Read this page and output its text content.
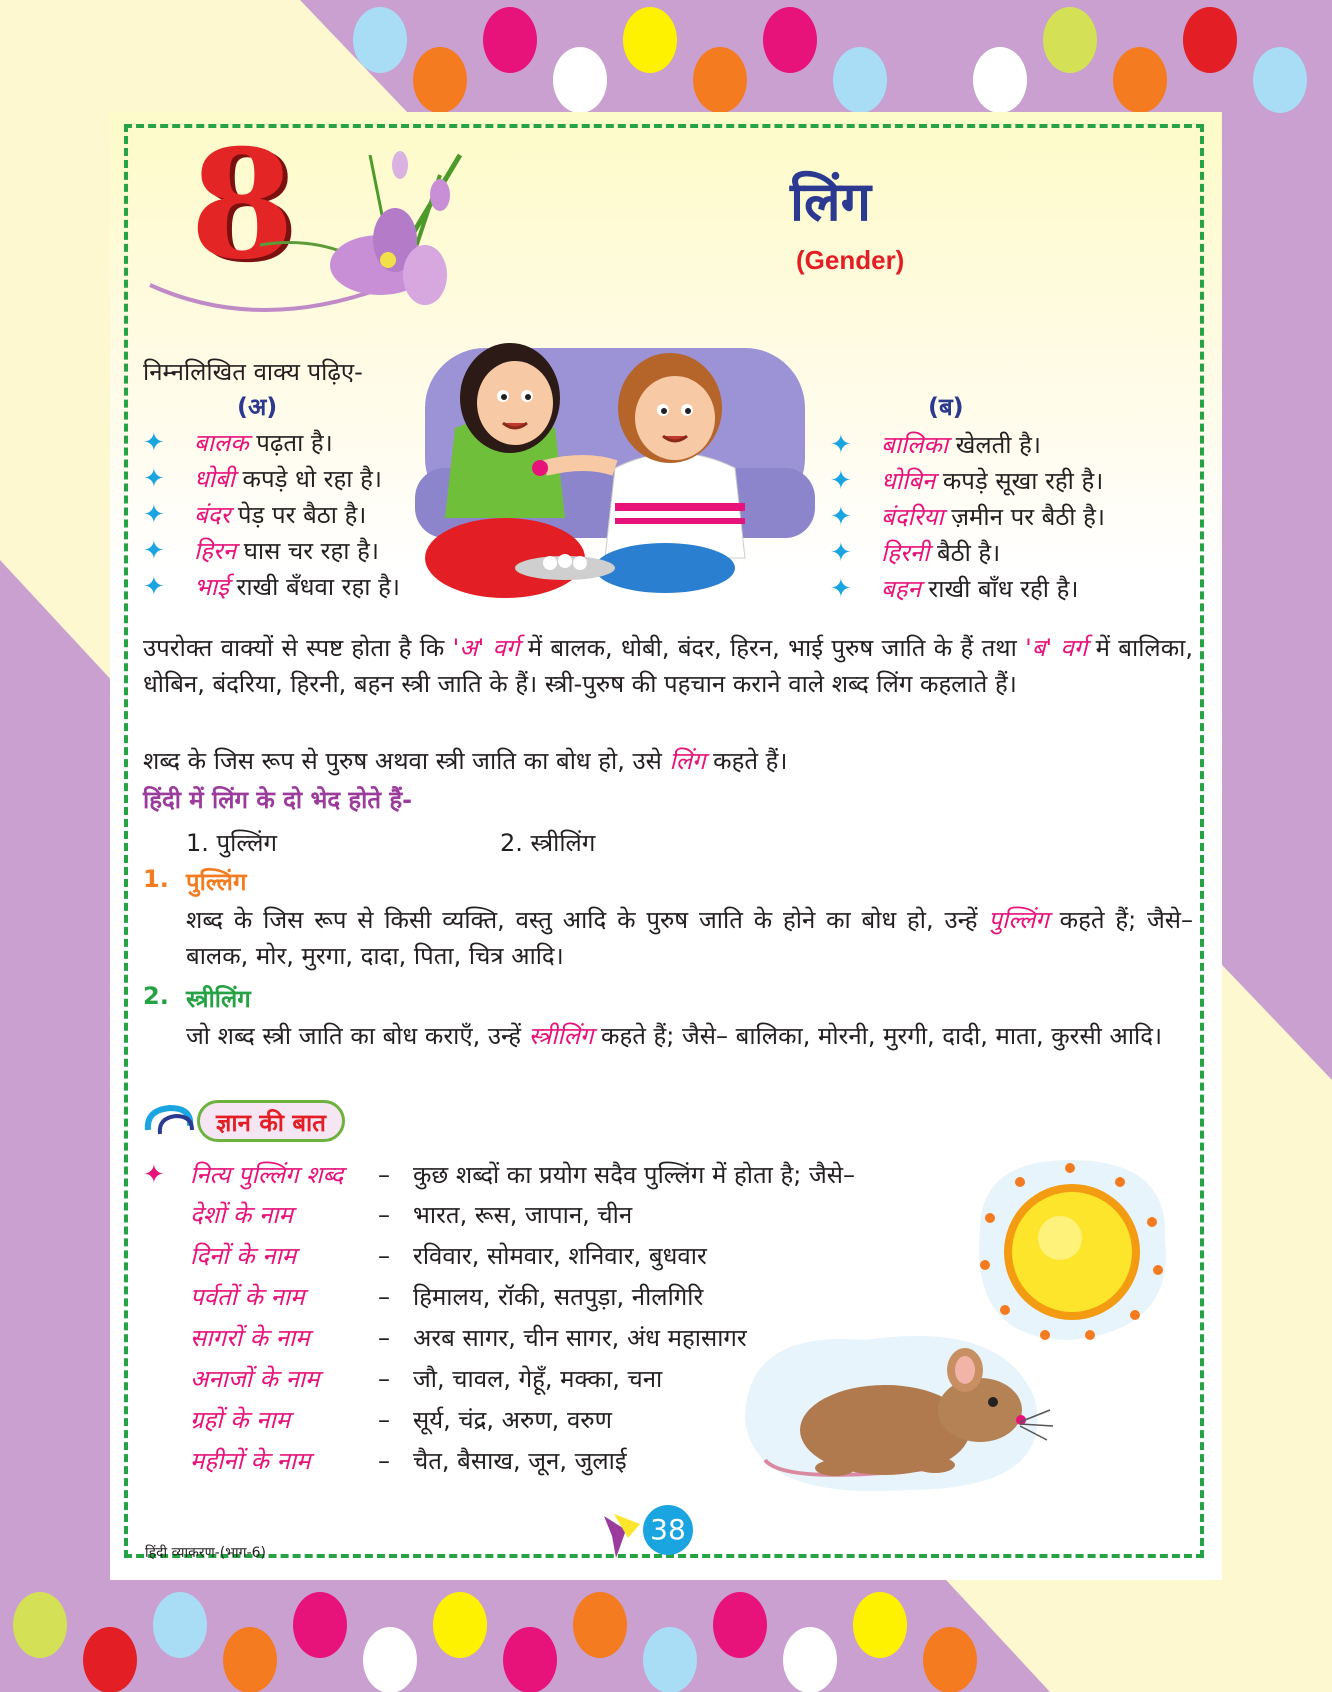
8	लिंग
(Gender)
निम्नलिखित वाक्य पढ़िए-
(अ)	(ब)
✦ बालक पढ़ता है।
✦ धोबी कपड़े धो रहा है।
✦ बंदर पेड़ पर बैठा है।
✦ हिरन घास चर रहा है।
✦ भाई राखी बँधवा रहा है।
✦ बालिका खेलती है।
✦ धोबिन कपड़े सूखा रही है।
✦ बंदरिया ज़मीन पर बैठी है।
✦ हिरनी बैठी है।
✦ बहन राखी बाँध रही है।
उपरोक्त वाक्यों से स्पष्ट होता है कि 'अ' वर्ग में बालक, धोबी, बंदर, हिरन, भाई पुरुष जाति के हैं तथा 'ब' वर्ग में बालिका, धोबिन, बंदरिया, हिरनी, बहन स्त्री जाति के हैं। स्त्री-पुरुष की पहचान कराने वाले शब्द लिंग कहलाते हैं।
शब्द के जिस रूप से पुरुष अथवा स्त्री जाति का बोध हो, उसे लिंग कहते हैं।
हिंदी में लिंग के दो भेद होते हैं-
1. पुल्लिंग	2. स्त्रीलिंग
1. पुल्लिंग
शब्द के जिस रूप से किसी व्यक्ति, वस्तु आदि के पुरुष जाति के होने का बोध हो, उन्हें पुल्लिंग कहते हैं; जैसे– बालक, मोर, मुरगा, दादा, पिता, चित्र आदि।
2. स्त्रीलिंग
जो शब्द स्त्री जाति का बोध कराएँ, उन्हें स्त्रीलिंग कहते हैं; जैसे– बालिका, मोरनी, मुरगी, दादी, माता, कुरसी आदि।
ज्ञान की बात
✦ नित्य पुल्लिंग शब्द – कुछ शब्दों का प्रयोग सदैव पुल्लिंग में होता है; जैसे–
देशों के नाम	– भारत, रूस, जापान, चीन
दिनों के नाम	– रविवार, सोमवार, शनिवार, बुधवार
पर्वतों के नाम	– हिमालय, रॉकी, सतपुड़ा, नीलगिरि
सागरों के नाम	– अरब सागर, चीन सागर, अंध महासागर
अनाजों के नाम – जौ, चावल, गेहूँ, मक्का, चना
ग्रहों के नाम	– सूर्य, चंद्र, अरुण, वरुण
महीनों के नाम	– चैत, बैसाख, जून, जुलाई
38
हिंदी व्याकरण-(भाग-6)
